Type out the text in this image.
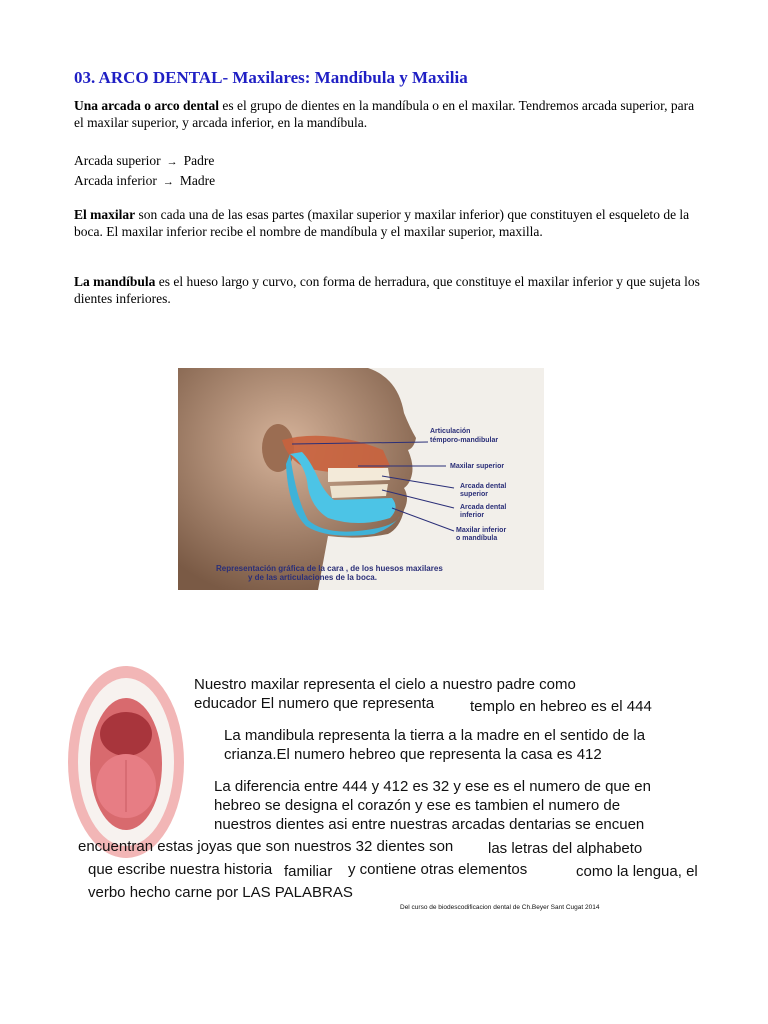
03. ARCO DENTAL- Maxilares: Mandíbula y Maxilia

Una arcada o arco dental es el grupo de dientes en la mandíbula o en el maxilar. Tendremos arcada superior, para el maxilar superior, y arcada inferior, en la mandíbula.

Arcada superior → Padre

Arcada inferior → Madre

El maxilar son cada una de las esas partes (maxilar superior y maxilar inferior) que constituyen el esqueleto de la boca. El maxilar inferior recibe el nombre de mandíbula y el maxilar superior, maxilla.

La mandíbula es el hueso largo y curvo, con forma de herradura, que constituye el maxilar inferior y que sujeta los dientes inferiores.

Articulación
témporo-mandibular
Maxilar superior
Arcada dental
superior
Arcada dental
inferior
Maxilar inferior
o mandíbula
Representación gráfica de la cara , de los huesos maxilares
y de las articulaciones de la boca.

Nuestro maxilar representa el cielo a nuestro padre como

educador El numero que representa templo en hebreo es el 444

La mandibula representa la tierra a la madre en el sentido de la

crianza.El numero hebreo que representa la casa es 412

La diferencia entre 444 y 412 es 32 y ese es el numero de que en

hebreo se designa el corazón y ese es tambien el numero de

nuestros dientes asi entre nuestras arcadas dentarias se encuen

encuentran estas joyas que son nuestros 32 dientes son las letras del alphabeto

que escribe nuestra historia familiar y contiene otras elementos	como la lengua, el

verbo hecho carne por LAS PALABRAS

Del curso de biodescodificacion dental de Ch.Beyer Sant Cugat 2014
